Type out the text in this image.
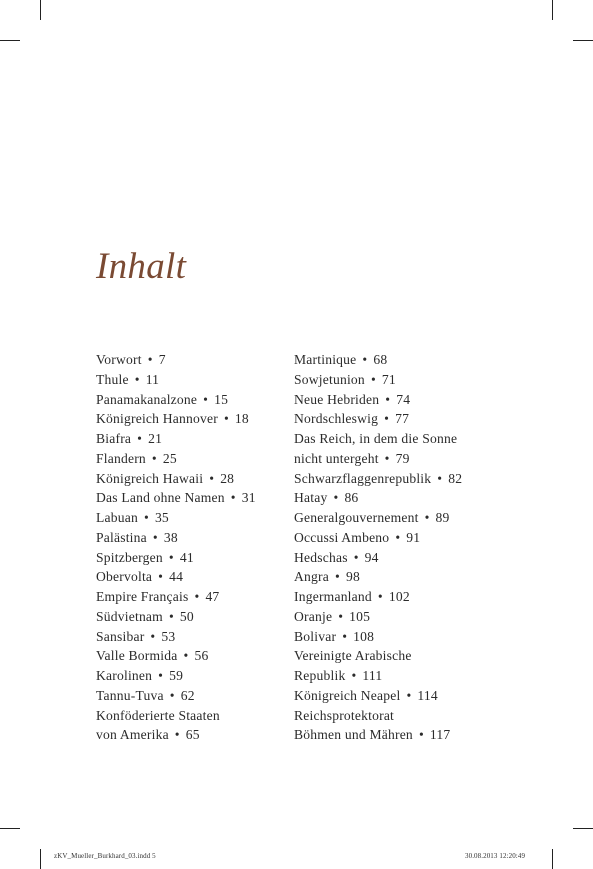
Inhalt
Vorwort • 7
Thule • 11
Panamakanalzone • 15
Königreich Hannover • 18
Biafra • 21
Flandern • 25
Königreich Hawaii • 28
Das Land ohne Namen • 31
Labuan • 35
Palästina • 38
Spitzbergen • 41
Obervolta • 44
Empire Français • 47
Südvietnam • 50
Sansibar • 53
Valle Bormida • 56
Karolinen • 59
Tannu-Tuva • 62
Konföderierte Staaten
von Amerika • 65
Martinique • 68
Sowjetunion • 71
Neue Hebriden • 74
Nordschleswig • 77
Das Reich, in dem die Sonne
nicht untergeht • 79
Schwarzflaggenrepublik • 82
Hatay • 86
Generalgouvernement • 89
Occussi Ambeno • 91
Hedschas • 94
Angra • 98
Ingermanland • 102
Oranje • 105
Bolivar • 108
Vereinigte Arabische
Republik • 111
Königreich Neapel • 114
Reichsprotektorat
Böhmen und Mähren • 117
zKV_Mueller_Burkhard_03.indd 5	30.08.2013 12:20:49
